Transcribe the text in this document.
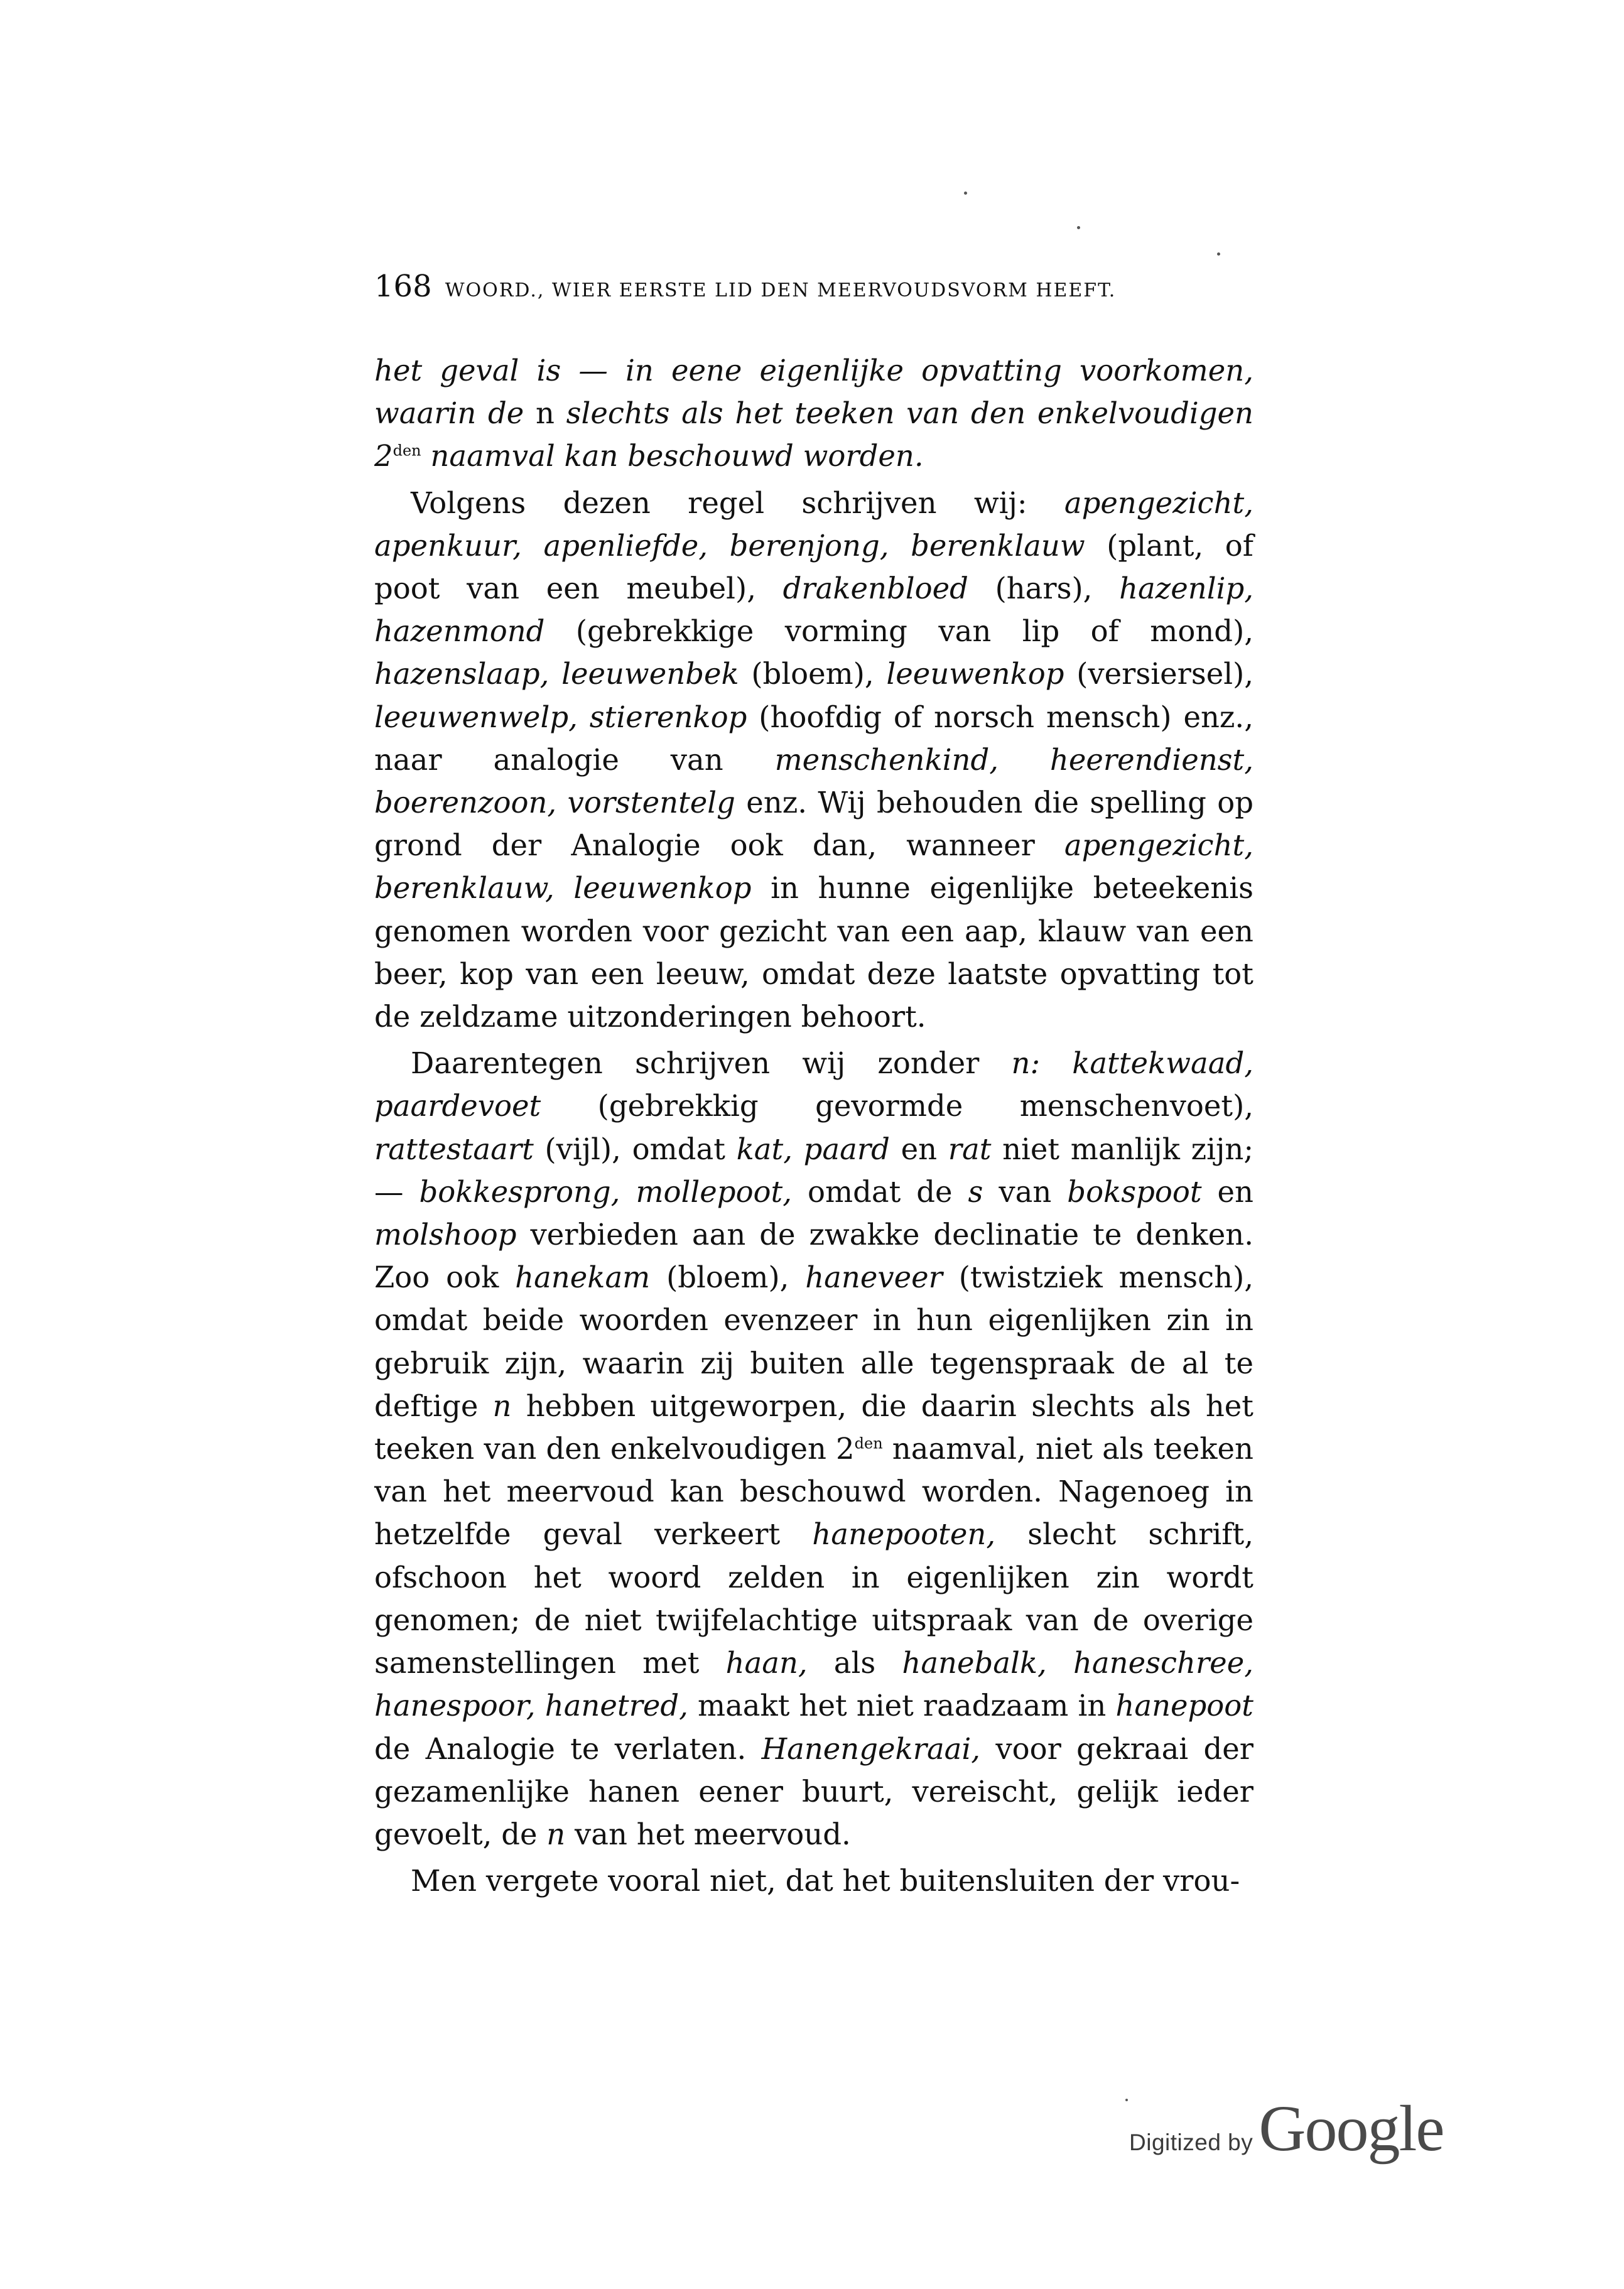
168 WOORD., WIER EERSTE LID DEN MEERVOUDSVORM HEEFT.

het geval is — in eene eigenlijke opvatting voorkomen, waarin de n slechts als het teeken van den enkelvoudigen $2^{den}$ naamval kan beschouwd worden.

Volgens dezen regel schrijven wij: apengezicht, apenkuur, apenliefde, berenjong, berenklauw (plant, of poot van een meubel), drakenbloed (hars), hazenlip, hazenmond (gebrekkige vorming van lip of mond), hazenslaap, leeuwenbek (bloem), leeuwenkop (versiersel), leeuwenwelp, stierenkop (hoofdig of norsch mensch) enz., naar analogie van menschenkind, heerendienst, boerenzoon, vorstentelg enz. Wij behouden die spelling op grond der Analogie ook dan, wanneer apengezicht, berenklauw, leeuwenkop in hunne eigenlijke beteekenis genomen worden voor gezicht van een aap, klauw van een beer, kop van een leeuw, omdat deze laatste opvatting tot de zeldzame uitzonderingen behoort.

Daarentegen schrijven wij zonder n: kattekwaad, paardevoet (gebrekkig gevormde menschenvoet), rattestaart (vijl), omdat kat, paard en rat niet manlijk zijn; — bokkesprong, mollepoot, omdat de s van bokspoot en molshoop verbieden aan de zwakke declinatie te denken. Zoo ook hanekam (bloem), haneveer (twistziek mensch), omdat beide woorden evenzeer in hun eigenlijken zin in gebruik zijn, waarin zij buiten alle tegenspraak de al te deftige n hebben uitgeworpen, die daarin slechts als het teeken van den enkelvoudigen $2^{den}$ naamval, niet als teeken van het meervoud kan beschouwd worden. Nagenoeg in hetzelfde geval verkeert hanepooten, slecht schrift, ofschoon het woord zelden in eigenlijken zin wordt genomen; de niet twijfelachtige uitspraak van de overige samenstellingen met haan, als hanebalk, haneschree, hanespoor, hanetred, maakt het niet raadzaam in hanepoot de Analogie te verlaten. Hanengekraai, voor gekraai der gezamenlijke hanen eener buurt, vereischt, gelijk ieder gevoelt, de n van het meervoud.

Men vergete vooral niet, dat het buitensluiten der vrou-

Digitized by Google
